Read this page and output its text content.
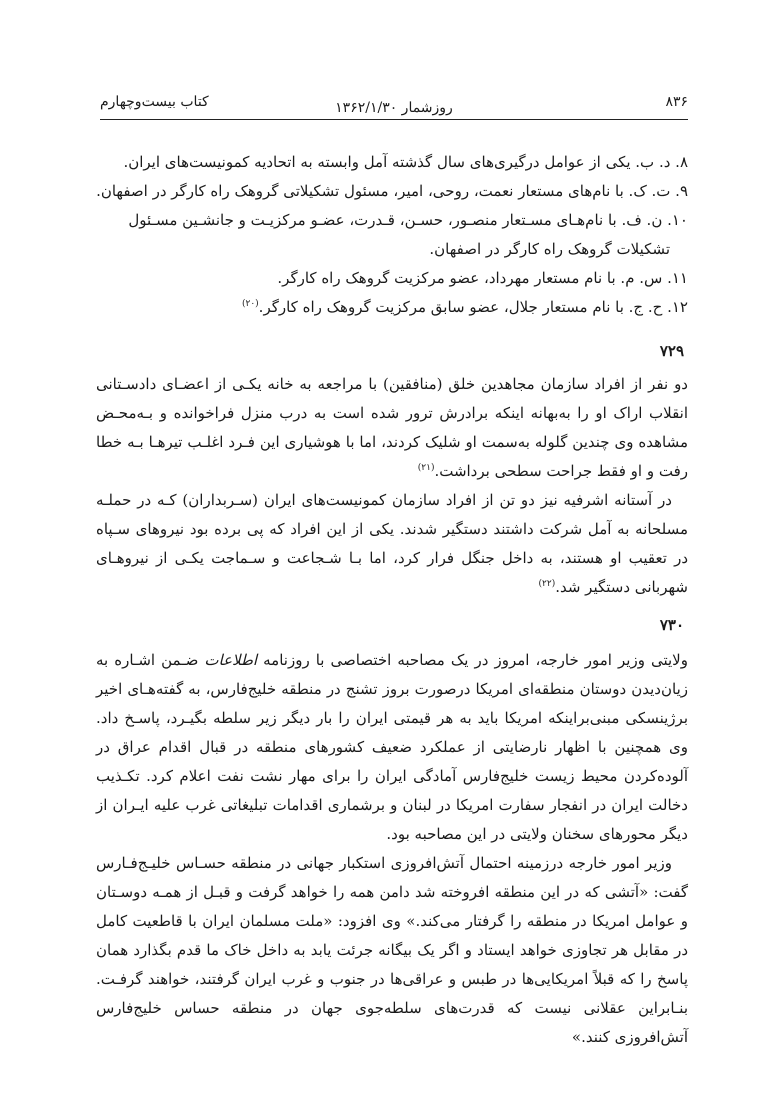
۸۳۶
روزشمار ۱۳۶۲/۱/۳۰
کتاب بیست‌وچهارم

۸. د. ب. یکی از عوامل درگیری‌های سال گذشته آمل وابسته به اتحادیه کمونیست‌های ایران.

۹. ت. ک. با نام‌های مستعار نعمت، روحی، امیر، مسئول تشکیلاتی گروهک راه کارگر در اصفهان.

۱۰. ن. ف. با نام‌هـای مسـتعار منصـور، حسـن، قـدرت، عضـو مرکزیـت و جانشـین مسـئول

تشکیلات گروهک راه کارگر در اصفهان.

۱۱. س. م. با نام مستعار مهرداد، عضو مرکزیت گروهک راه کارگر.

۱۲. ح. ج. با نام مستعار جلال، عضو سابق مرکزیت گروهک راه کارگر.$^{(۲۰)}$

۷۲۹

دو نفر از افراد سازمان مجاهدین خلق (منافقین) با مراجعه به خانه یکـی از اعضـای دادسـتانی انقلاب اراک او را به‌بهانه اینکه برادرش ترور شده است به درب منزل فراخوانده و بـه‌محـض مشاهده وی چندین گلوله به‌سمت او شلیک کردند، اما با هوشیاری این فـرد اغلـب تیرهـا بـه خطا رفت و او فقط جراحت سطحی برداشت.$^{(۲۱)}$

در آستانه اشرفیه نیز دو تن از افراد سازمان کمونیست‌های ایران (سـربداران) کـه در حملـه مسلحانه به آمل شرکت داشتند دستگیر شدند. یکی از این افراد که پی برده بود نیروهای سـپاه در تعقیب او هستند، به داخل جنگل فرار کرد، اما بـا شـجاعت و سـماجت یکـی از نیروهـای شهربانی دستگیر شد.$^{(۲۲)}$

۷۳۰

ولایتی وزیر امور خارجه، امروز در یک مصاحبه اختصاصی با روزنامه اطلاعات ضـمن اشـاره به زیان‌دیدن دوستان منطقه‌ای امریکا درصورت بروز تشنج در منطقه خلیج‌فارس، به گفته‌هـای اخیر برژینسکی مبنی‌براینکه امریکا باید به هر قیمتی ایران را بار دیگر زیر سلطه بگیـرد، پاسـخ داد. وی همچنین با اظهار نارضایتی از عملکرد ضعیف کشورهای منطقه در قبال اقدام عراق در آلوده‌کردن محیط زیست خلیج‌فارس آمادگی ایران را برای مهار نشت نفت اعلام کرد. تکـذیب دخالت ایران در انفجار سفارت امریکا در لبنان و برشماری اقدامات تبلیغاتی غرب علیه ایـران از دیگر محورهای سخنان ولایتی در این مصاحبه بود.

وزیر امور خارجه درزمینه احتمال آتش‌افروزی استکبار جهانی در منطقه حسـاس خلیـج‌فـارس گفت: «آتشی که در این منطقه افروخته شد دامن همه را خواهد گرفت و قبـل از همـه دوسـتان و عوامل امریکا در منطقه را گرفتار می‌کند.» وی افزود: «ملت مسلمان ایران با قاطعیت کامل در مقابل هر تجاوزی خواهد ایستاد و اگر یک بیگانه جرئت یابد به داخل خاک ما قدم بگذارد همان پاسخ را که قبلاً امریکایی‌ها در طبس و عراقی‌ها در جنوب و غرب ایران گرفتند، خواهند گرفـت. بنـابراین عقلانی نیست که قدرت‌های سلطه‌جوی جهان در منطقه حساس خلیج‌فارس آتش‌افروزی کنند.»
